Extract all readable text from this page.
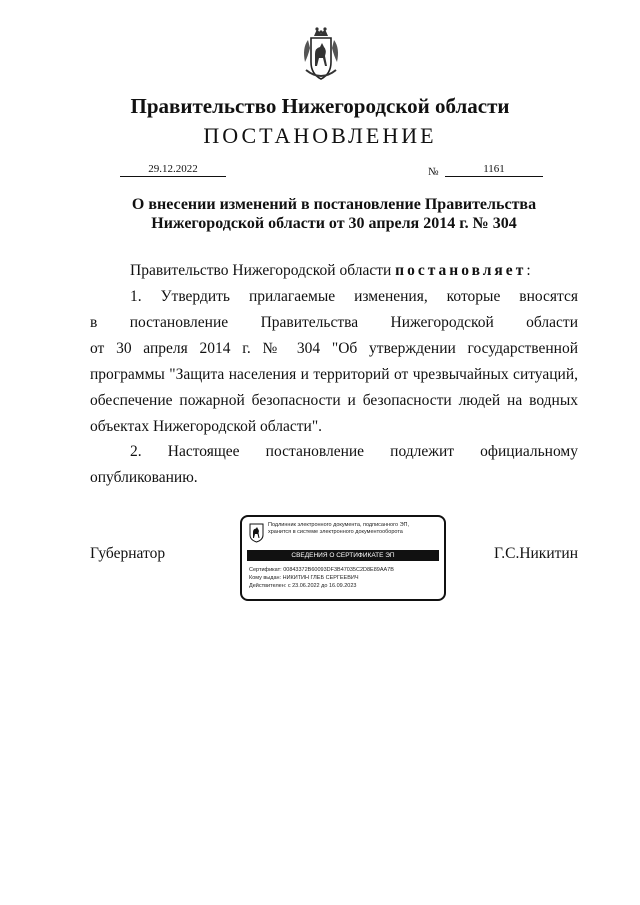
Правительство Нижегородской области
ПОСТАНОВЛЕНИЕ
29.12.2022	№	1161
О внесении изменений в постановление Правительства
Нижегородской области от 30 апреля 2014 г. № 304
Правительство Нижегородской области постановляет:
1. Утвердить прилагаемые изменения, которые вносятся
в постановление Правительства Нижегородской области
от 30 апреля 2014 г. № 304 "Об утверждении государственной
программы "Защита населения и территорий от чрезвычайных ситуаций,
обеспечение пожарной безопасности и безопасности людей на водных
объектах Нижегородской области".
2. Настоящее постановление подлежит официальному
опубликованию.
Губернатор	Г.С.Никитин
Подлинник электронного документа, подписанного ЭП,
хранится в системе электронного документооборота
СВЕДЕНИЯ О СЕРТИФИКАТЕ ЭП
Сертификат: 00843372B60093DF3B47035C2D8E89AA7B
Кому выдан: НИКИТИН ГЛЕБ СЕРГЕЕВИЧ
Действителен: с 23.06.2022 до 16.09.2023
